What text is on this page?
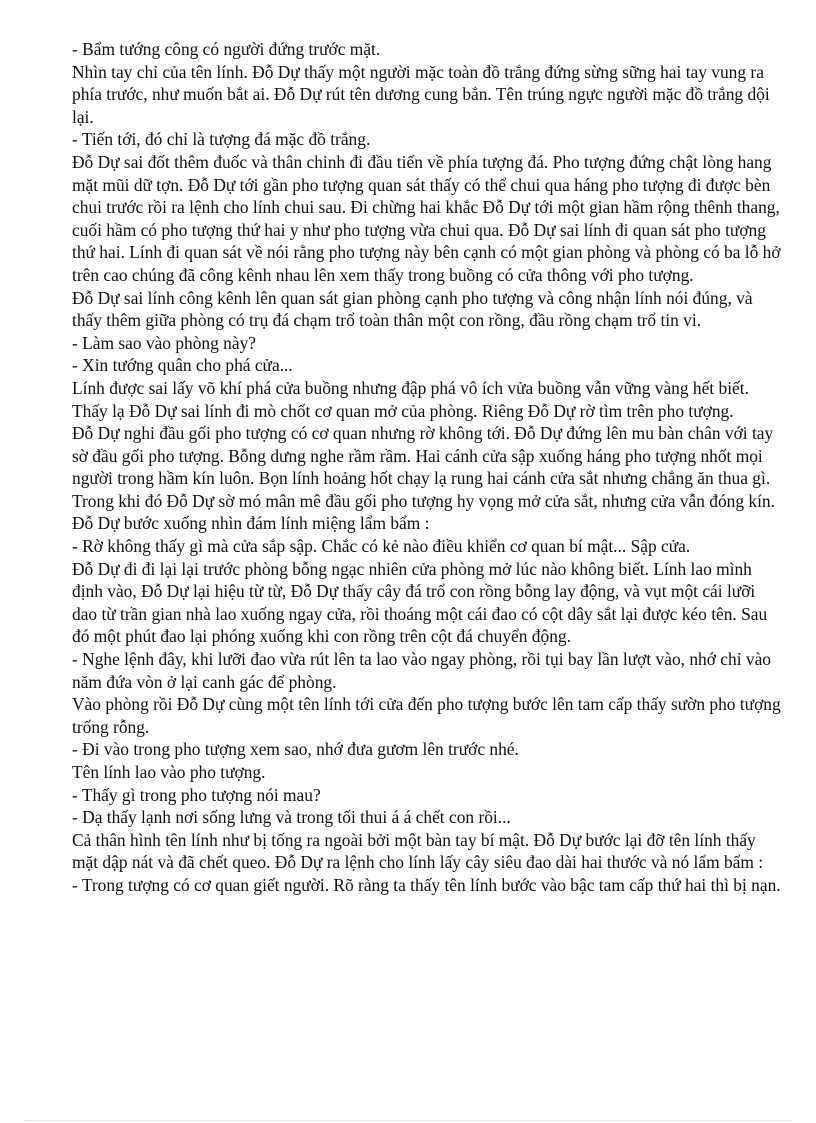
- Bẩm tướng công có người đứng trước mặt.

Nhìn tay chỉ của tên lính. Đỗ Dự thấy một người mặc toàn đồ trắng đứng sừng sững hai tay vung ra phía trước, như muốn bắt ai. Đỗ Dự rút tên dương cung bắn. Tên trúng ngực người mặc đồ trắng dội lại.

- Tiến tới, đó chỉ là tượng đá mặc đồ trắng.

Đỗ Dự sai đốt thêm đuốc và thân chinh đi đầu tiến về phía tượng đá. Pho tượng đứng chật lòng hang mặt mũi dữ tợn. Đỗ Dự tới gần pho tượng quan sát thấy có thể chui qua háng pho tượng đi được bèn chui trước rồi ra lệnh cho lính chui sau. Đi chừng hai khắc Đỗ Dự tới một gian hầm rộng thênh thang, cuối hầm có pho tượng thứ hai y như pho tượng vừa chui qua. Đỗ Dự sai lính đi quan sát pho tượng thứ hai. Lính đi quan sát về nói rằng pho tượng này bên cạnh có một gian phòng và phòng có ba lỗ hở trên cao chúng đã công kênh nhau lên xem thấy trong buồng có cửa thông với pho tượng.

Đỗ Dự sai lính công kênh lên quan sát gian phòng cạnh pho tượng và công nhận lính nói đúng, và thấy thêm giữa phòng có trụ đá chạm trổ toàn thân một con rồng, đầu rồng chạm trổ tin vi.

- Làm sao vào phòng này?

- Xin tướng quân cho phá cửa...

Lính được sai lấy võ khí phá cửa buồng nhưng đập phá vô ích vửa buồng vẫn vững vàng hết biết.

Thấy lạ Đỗ Dự sai lính đi mò chốt cơ quan mở của phòng. Riêng Đỗ Dự rờ tìm trên pho tượng.

Đỗ Dự nghi đầu gối pho tượng có cơ quan nhưng rờ không tới. Đỗ Dự đứng lên mu bàn chân với tay sờ đầu gối pho tượng. Bỗng dưng nghe rầm rầm. Hai cánh cửa sập xuống háng pho tượng nhốt mọi người trong hầm kín luôn. Bọn lính hoảng hốt chạy lạ rung hai cánh cửa sắt nhưng chẳng ăn thua gì. Trong khi đó Đỗ Dự sờ mó mân mê đầu gối pho tượng hy vọng mở cửa sắt, nhưng cửa vẫn đóng kín.

Đỗ Dự bước xuống nhìn đám lính miệng lẩm bẩm :

- Rờ không thấy gì mà cửa sắp sập. Chắc có kẻ nào điều khiển cơ quan bí mật... Sập cửa.

Đỗ Dự đi đi lại lại trước phòng bỗng ngạc nhiên cửa phòng mở lúc nào không biết. Lính lao mình định vào, Đỗ Dự lại hiệu từ từ, Đỗ Dự thấy cây đá trổ con rồng bỗng lay động, và vụt một cái lưỡi dao từ trần gian nhà lao xuống ngay cửa, rồi thoáng một cái đao có cột dây sắt lại được kéo tên. Sau đó một phút đao lại phóng xuống khi con rồng trên cột đá chuyển động.

- Nghe lệnh đây, khi lưỡi đao vừa rút lên ta lao vào ngay phòng, rồi tụi bay lần lượt vào, nhớ chỉ vào năm đứa vòn ở lại canh gác để phòng.

Vào phòng rồi Đỗ Dự cùng một tên lính tới cửa đến pho tượng bước lên tam cấp thấy sườn pho tượng trống rỗng.

- Đi vào trong pho tượng xem sao, nhớ đưa gươm lên trước nhé.

Tên lính lao vào pho tượng.

- Thấy gì trong pho tượng nói mau?

- Dạ thấy lạnh nơi sống lưng và trong tối thui á á chết con rồi...

Cả thân hình tên lính như bị tống ra ngoài bởi một bàn tay bí mật. Đỗ Dự bước lại đỡ tên lính thấy mặt dập nát và đã chết queo. Đỗ Dự ra lệnh cho lính lấy cây siêu đao dài hai thước và nó lẩm bẩm :

- Trong tượng có cơ quan giết người. Rõ ràng ta thấy tên lính bước vào bậc tam cấp thứ hai thì bị nạn.
